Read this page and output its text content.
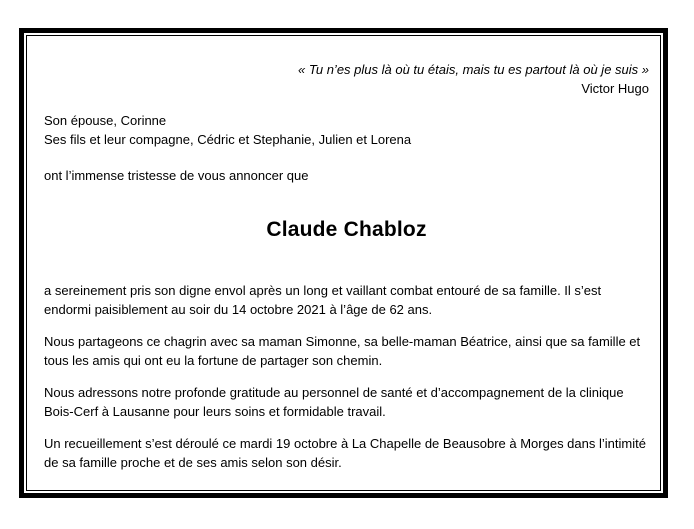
« Tu n’es plus là où tu étais, mais tu es partout là où je suis »

Victor Hugo

Son épouse, Corinne

Ses fils et leur compagne, Cédric et Stephanie, Julien et Lorena

ont l’immense tristesse de vous annoncer que

Claude Chabloz

a sereinement pris son digne envol après un long et vaillant combat entouré de sa famille. Il s’est endormi paisiblement au soir du 14 octobre 2021 à l’âge de 62 ans.

Nous partageons ce chagrin avec sa maman Simonne, sa belle-maman Béatrice, ainsi que sa famille et tous les amis qui ont eu la fortune de partager son chemin.

Nous adressons notre profonde gratitude au personnel de santé et d’accompagnement de la clinique Bois-Cerf à Lausanne pour leurs soins et formidable travail.

Un recueillement s’est déroulé ce mardi 19 octobre à La Chapelle de Beausobre à Morges dans l’intimité de sa famille proche et de ses amis selon son désir.
